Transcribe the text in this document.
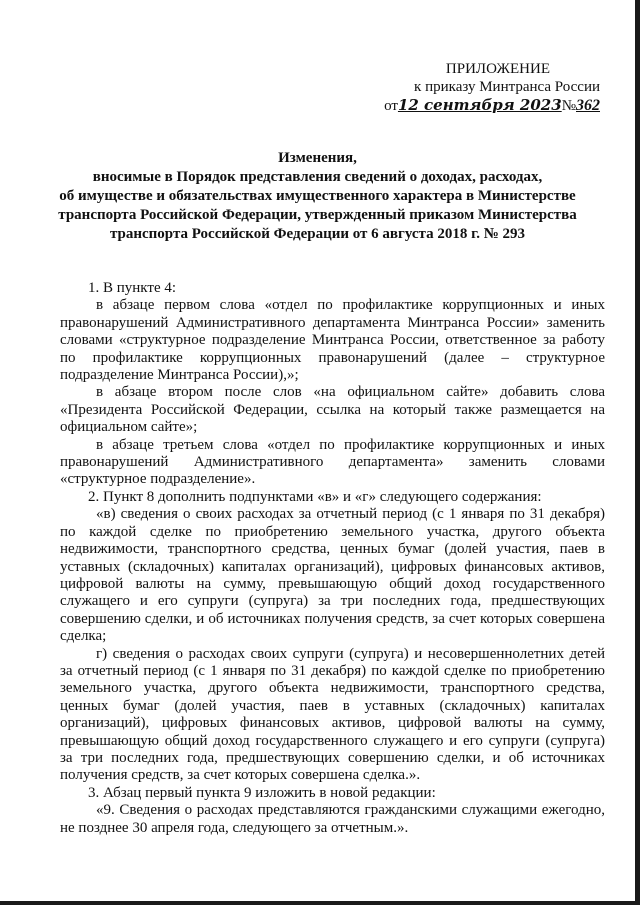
ПРИЛОЖЕНИЕ
к приказу Минтранса России
от 12 сентября 2023 № 362
Изменения,
вносимые в Порядок представления сведений о доходах, расходах,
об имуществе и обязательствах имущественного характера в Министерстве
транспорта Российской Федерации, утвержденный приказом Министерства
транспорта Российской Федерации от 6 августа 2018 г. № 293

1. В пункте 4:

в абзаце первом слова «отдел по профилактике коррупционных и иных правонарушений Административного департамента Минтранса России» заменить словами «структурное подразделение Минтранса России, ответственное за работу по профилактике коррупционных правонарушений (далее – структурное подразделение Минтранса России),»;

в абзаце втором после слов «на официальном сайте» добавить слова «Президента Российской Федерации, ссылка на который также размещается на официальном сайте»;

в абзаце третьем слова «отдел по профилактике коррупционных и иных правонарушений Административного департамента» заменить словами «структурное подразделение».

2. Пункт 8 дополнить подпунктами «в» и «г» следующего содержания:

«в) сведения о своих расходах за отчетный период (с 1 января по 31 декабря) по каждой сделке по приобретению земельного участка, другого объекта недвижимости, транспортного средства, ценных бумаг (долей участия, паев в уставных (складочных) капиталах организаций), цифровых финансовых активов, цифровой валюты на сумму, превышающую общий доход государственного служащего и его супруги (супруга) за три последних года, предшествующих совершению сделки, и об источниках получения средств, за счет которых совершена сделка;

г) сведения о расходах своих супруги (супруга) и несовершеннолетних детей за отчетный период (с 1 января по 31 декабря) по каждой сделке по приобретению земельного участка, другого объекта недвижимости, транспортного средства, ценных бумаг (долей участия, паев в уставных (складочных) капиталах организаций), цифровых финансовых активов, цифровой валюты на сумму, превышающую общий доход государственного служащего и его супруги (супруга) за три последних года, предшествующих совершению сделки, и об источниках получения средств, за счет которых совершена сделка.».

3. Абзац первый пункта 9 изложить в новой редакции:

«9. Сведения о расходах представляются гражданскими служащими ежегодно, не позднее 30 апреля года, следующего за отчетным.».
